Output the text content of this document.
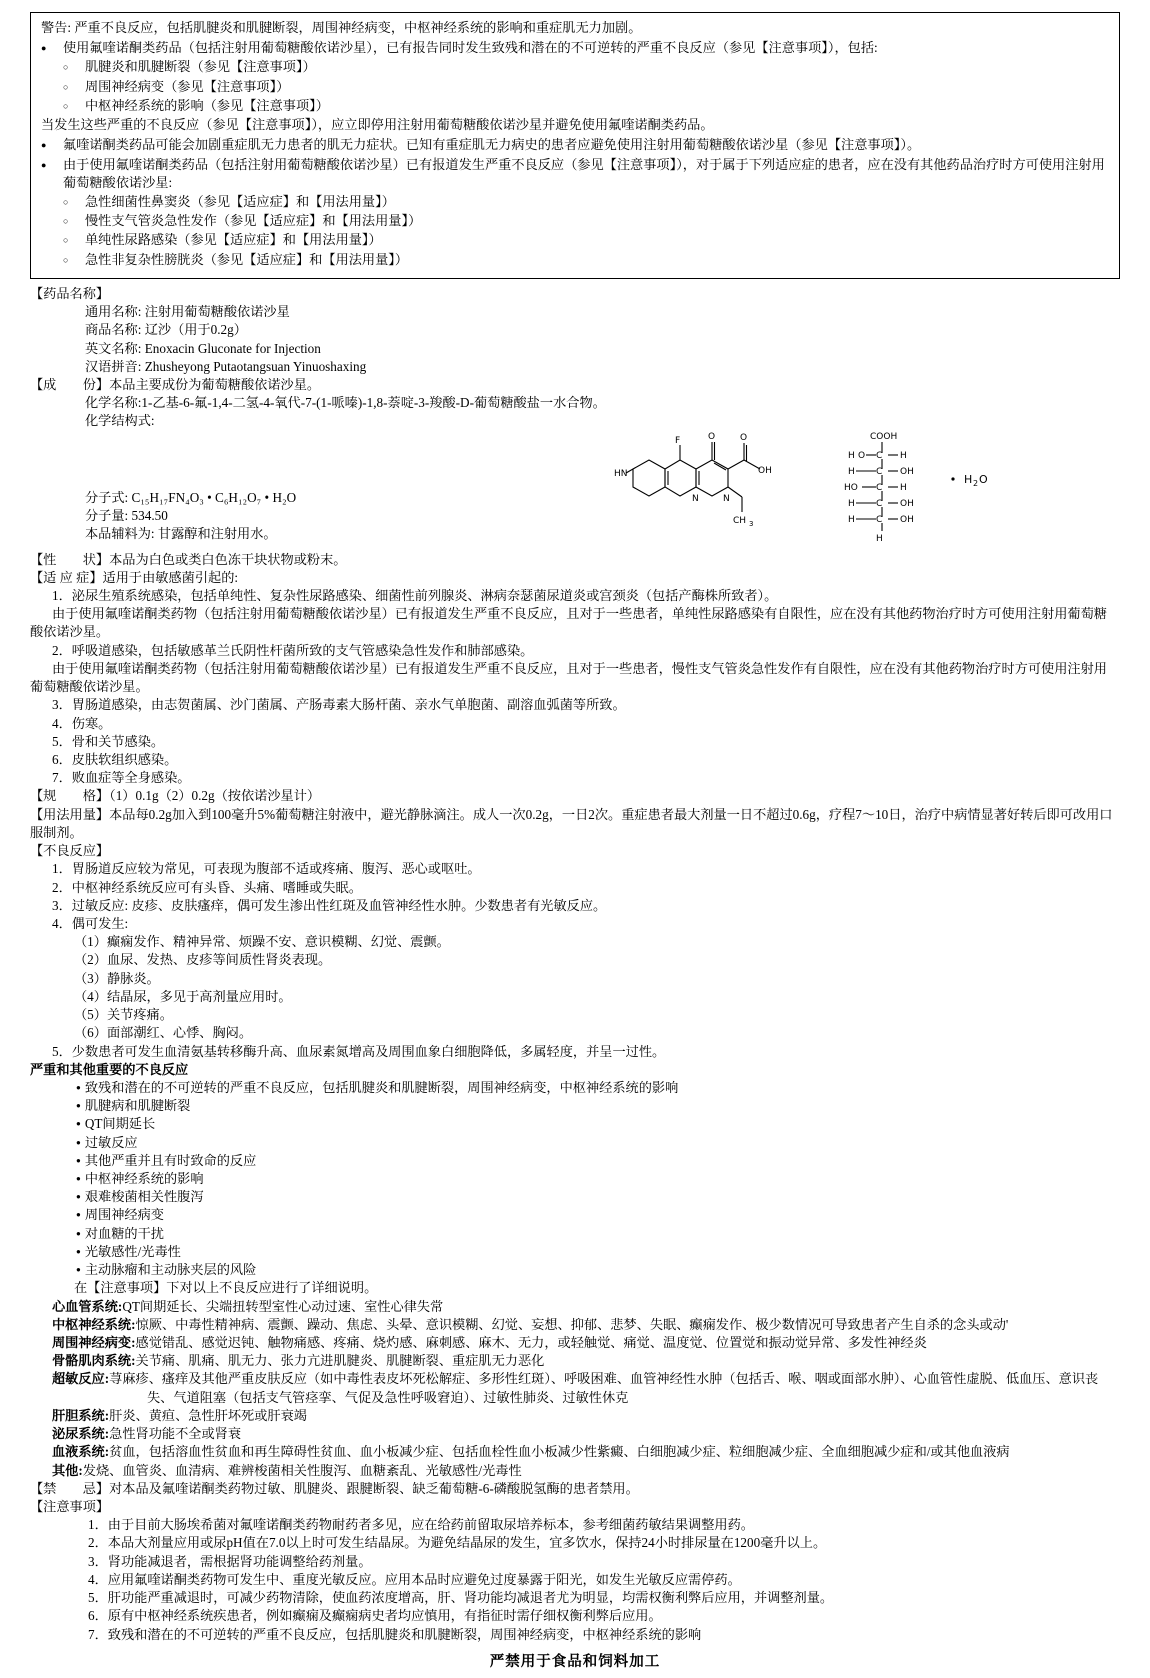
警告: 严重不良反应，包括肌腱炎和肌腱断裂，周围神经病变，中枢神经系统的影响和重症肌无力加剧。
●
使用氟喹诺酮类药品（包括注射用葡萄糖酸依诺沙星），已有报告同时发生致残和潜在的不可逆转的严重不良反应（参见【注意事项】），包括:
○
肌腱炎和肌腱断裂（参见【注意事项】）
○
周围神经病变（参见【注意事项】）
○
中枢神经系统的影响（参见【注意事项】）
当发生这些严重的不良反应（参见【注意事项】），应立即停用注射用葡萄糖酸依诺沙星并避免使用氟喹诺酮类药品。
●
氟喹诺酮类药品可能会加剧重症肌无力患者的肌无力症状。已知有重症肌无力病史的患者应避免使用注射用葡萄糖酸依诺沙星（参见【注意事项】）。
●
由于使用氟喹诺酮类药品（包括注射用葡萄糖酸依诺沙星）已有报道发生严重不良反应（参见【注意事项】），对于属于下列适应症的患者，应在没有其他药品治疗时方可使用注射用葡萄糖酸依诺沙星:
○
急性细菌性鼻窦炎（参见【适应症】和【用法用量】）
○
慢性支气管炎急性发作（参见【适应症】和【用法用量】）
○
单纯性尿路感染（参见【适应症】和【用法用量】）
○
急性非复杂性膀胱炎（参见【适应症】和【用法用量】）
【药品名称】
通用名称: 注射用葡萄糖酸依诺沙星
商品名称: 辽沙（用于0.2g）
英文名称: Enoxacin Gluconate for Injection
汉语拼音: Zhusheyong Putaotangsuan Yinuoshaxing
【成　　份】本品主要成份为葡萄糖酸依诺沙星。
化学名称:1-乙基-6-氟-1,4-二氢-4-氧代-7-(1-哌嗪)-1,8-萘啶-3-羧酸-D-葡萄糖酸盐一水合物。
化学结构式:
O	O
OH
F
N	N
CH 3
HN
COOH
H O C H
H C OH
HO C H
H C OH
H C OH
H
H 2 O
分子式: C₁₅H₁₇FN₄O₃ • C₆H₁₂O₇ • H₂O
分子量: 534.50
本品辅料为: 甘露醇和注射用水。
【性　　状】本品为白色或类白色冻干块状物或粉末。
【适 应 症】适用于由敏感菌引起的:
1．泌尿生殖系统感染，包括单纯性、复杂性尿路感染、细菌性前列腺炎、淋病奈瑟菌尿道炎或宫颈炎（包括产酶株所致者）。
由于使用氟喹诺酮类药物（包括注射用葡萄糖酸依诺沙星）已有报道发生严重不良反应，且对于一些患者，单纯性尿路感染有自限性，应在没有其他药物治疗时方可使用注射用葡萄糖酸依诺沙星。
2．呼吸道感染，包括敏感革兰氏阴性杆菌所致的支气管感染急性发作和肺部感染。
由于使用氟喹诺酮类药物（包括注射用葡萄糖酸依诺沙星）已有报道发生严重不良反应，且对于一些患者，慢性支气管炎急性发作有自限性，应在没有其他药物治疗时方可使用注射用葡萄糖酸依诺沙星。
3．胃肠道感染，由志贺菌属、沙门菌属、产肠毒素大肠杆菌、亲水气单胞菌、副溶血弧菌等所致。
4．伤寒。
5．骨和关节感染。
6．皮肤软组织感染。
7．败血症等全身感染。
【规　　格】（1）0.1g（2）0.2g（按依诺沙星计）
【用法用量】本品每0.2g加入到100毫升5%葡萄糖注射液中，避光静脉滴注。成人一次0.2g，一日2次。重症患者最大剂量一日不超过0.6g，疗程7～10日，治疗中病情显著好转后即可改用口服制剂。
【不良反应】
1．胃肠道反应较为常见，可表现为腹部不适或疼痛、腹泻、恶心或呕吐。
2．中枢神经系统反应可有头昏、头痛、嗜睡或失眠。
3．过敏反应: 皮疹、皮肤瘙痒，偶可发生渗出性红斑及血管神经性水肿。少数患者有光敏反应。
4．偶可发生:
（1）癫痫发作、精神异常、烦躁不安、意识模糊、幻觉、震颤。
（2）血尿、发热、皮疹等间质性肾炎表现。
（3）静脉炎。
（4）结晶尿，多见于高剂量应用时。
（5）关节疼痛。
（6）面部潮红、心悸、胸闷。
5．少数患者可发生血清氨基转移酶升高、血尿素氮增高及周围血象白细胞降低，多属轻度，并呈一过性。
严重和其他重要的不良反应
● 致残和潜在的不可逆转的严重不良反应，包括肌腱炎和肌腱断裂，周围神经病变，中枢神经系统的影响
● 肌腱病和肌腱断裂
● QT间期延长
● 过敏反应
● 其他严重并且有时致命的反应
● 中枢神经系统的影响
● 艰难梭菌相关性腹泻
● 周围神经病变
● 对血糖的干扰
● 光敏感性/光毒性
● 主动脉瘤和主动脉夹层的风险
在【注意事项】下对以上不良反应进行了详细说明。
心血管系统:QT间期延长、尖端扭转型室性心动过速、室性心律失常
中枢神经系统:惊厥、中毒性精神病、震颤、躁动、焦虑、头晕、意识模糊、幻觉、妄想、抑郁、悲梦、失眠、癫痫发作、极少数情况可导致患者产生自杀的念头或动'
周围神经病变:感觉错乱、感觉迟钝、触物痛感、疼痛、烧灼感、麻刺感、麻木、无力，或轻触觉、痛觉、温度觉、位置觉和振动觉异常、多发性神经炎
骨骼肌肉系统:关节痛、肌痛、肌无力、张力亢进肌腱炎、肌腱断裂、重症肌无力恶化
超敏反应:荨麻疹、瘙痒及其他严重皮肤反应（如中毒性表皮坏死松解症、多形性红斑）、呼吸困难、血管神经性水肿（包括舌、喉、咽或面部水肿）、心血管性虚脱、低血压、意识丧失、气道阻塞（包括支气管痉挛、气促及急性呼吸窘迫）、过敏性肺炎、过敏性休克
肝胆系统:肝炎、黄疸、急性肝坏死或肝衰竭
泌尿系统:急性肾功能不全或肾衰
血液系统:贫血，包括溶血性贫血和再生障碍性贫血、血小板减少症、包括血栓性血小板减少性紫癜、白细胞减少症、粒细胞减少症、全血细胞减少症和/或其他血液病
其他:发烧、血管炎、血清病、难辨梭菌相关性腹泻、血糖紊乱、光敏感性/光毒性
【禁　　忌】对本品及氟喹诺酮类药物过敏、肌腱炎、跟腱断裂、缺乏葡萄糖-6-磷酸脱氢酶的患者禁用。
【注意事项】
1．由于目前大肠埃希菌对氟喹诺酮类药物耐药者多见，应在给药前留取尿培养标本，参考细菌药敏结果调整用药。
2．本品大剂量应用或尿pH值在7.0以上时可发生结晶尿。为避免结晶尿的发生，宜多饮水，保持24小时排尿量在1200毫升以上。
3．肾功能减退者，需根据肾功能调整给药剂量。
4．应用氟喹诺酮类药物可发生中、重度光敏反应。应用本品时应避免过度暴露于阳光，如发生光敏反应需停药。
5．肝功能严重减退时，可减少药物清除，使血药浓度增高，肝、肾功能均减退者尤为明显，均需权衡利弊后应用，并调整剂量。
6．原有中枢神经系统疾患者，例如癫痫及癫痫病史者均应慎用，有指征时需仔细权衡利弊后应用。
7．致残和潜在的不可逆转的严重不良反应，包括肌腱炎和肌腱断裂，周围神经病变，中枢神经系统的影响
严禁用于食品和饲料加工
